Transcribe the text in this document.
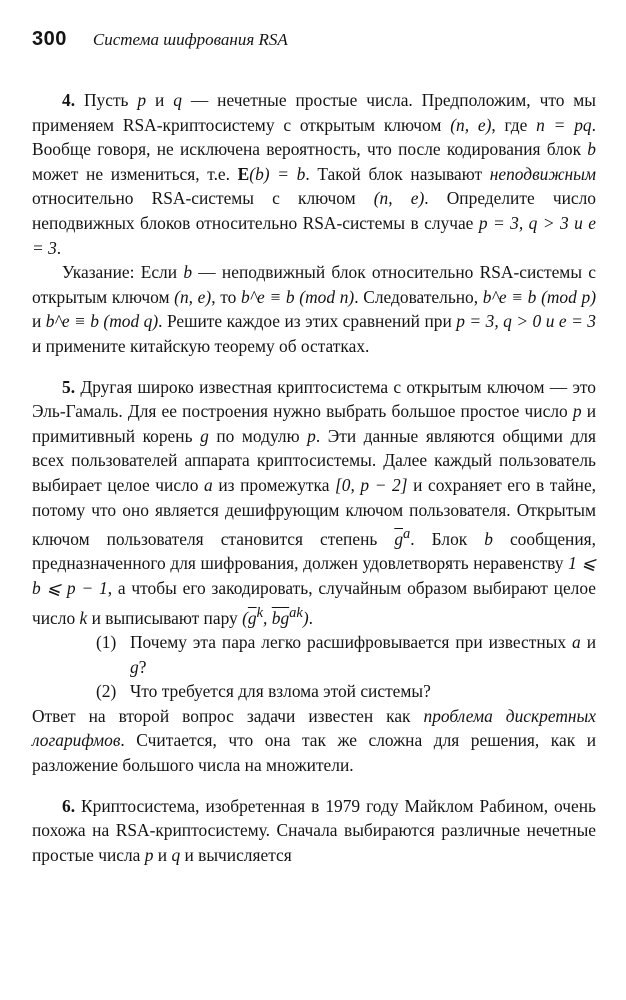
300 Система шифрования RSA

4. Пусть p и q — нечетные простые числа. Предположим, что мы применяем RSA-криптосистему с открытым ключом (n, e), где n = pq. Вообще говоря, не исключена вероятность, что после кодирования блок b может не измениться, т.е. E(b) = b. Такой блок называют неподвижным относительно RSA-системы с ключом (n, e). Определите число неподвижных блоков относительно RSA-системы в случае p = 3, q > 3 и e = 3.

Указание: Если b — неподвижный блок относительно RSA-системы с открытым ключом (n, e), то b^e ≡ b (mod n). Следовательно, b^e ≡ b (mod p) и b^e ≡ b (mod q). Решите каждое из этих сравнений при p = 3, q > 0 и e = 3 и примените китайскую теорему об остатках.

5. Другая широко известная криптосистема с открытым ключом — это Эль-Гамаль. Для ее построения нужно выбрать большое простое число p и примитивный корень g по модулю p. Эти данные являются общими для всех пользователей аппарата криптосистемы. Далее каждый пользователь выбирает целое число a из промежутка [0, p − 2] и сохраняет его в тайне, потому что оно является дешифрующим ключом пользователя. Открытым ключом пользователя становится степень $\overline{g}^a$. Блок b сообщения, предназначенного для шифрования, должен удовлетворять неравенству 1 ⩽ b ⩽ p − 1, а чтобы его закодировать, случайным образом выбирают целое число k и выписывают пару ($\overline{g}^k$, $\overline{b}\overline{g}^{ak}$).

(1) Почему эта пара легко расшифровывается при известных a и g?
(2) Что требуется для взлома этой системы?

Ответ на второй вопрос задачи известен как проблема дискретных логарифмов. Считается, что она так же сложна для решения, как и разложение большого числа на множители.

6. Криптосистема, изобретенная в 1979 году Майклом Рабином, очень похожа на RSA-криптосистему. Сначала выбираются различные нечетные простые числа p и q и вычисляется
